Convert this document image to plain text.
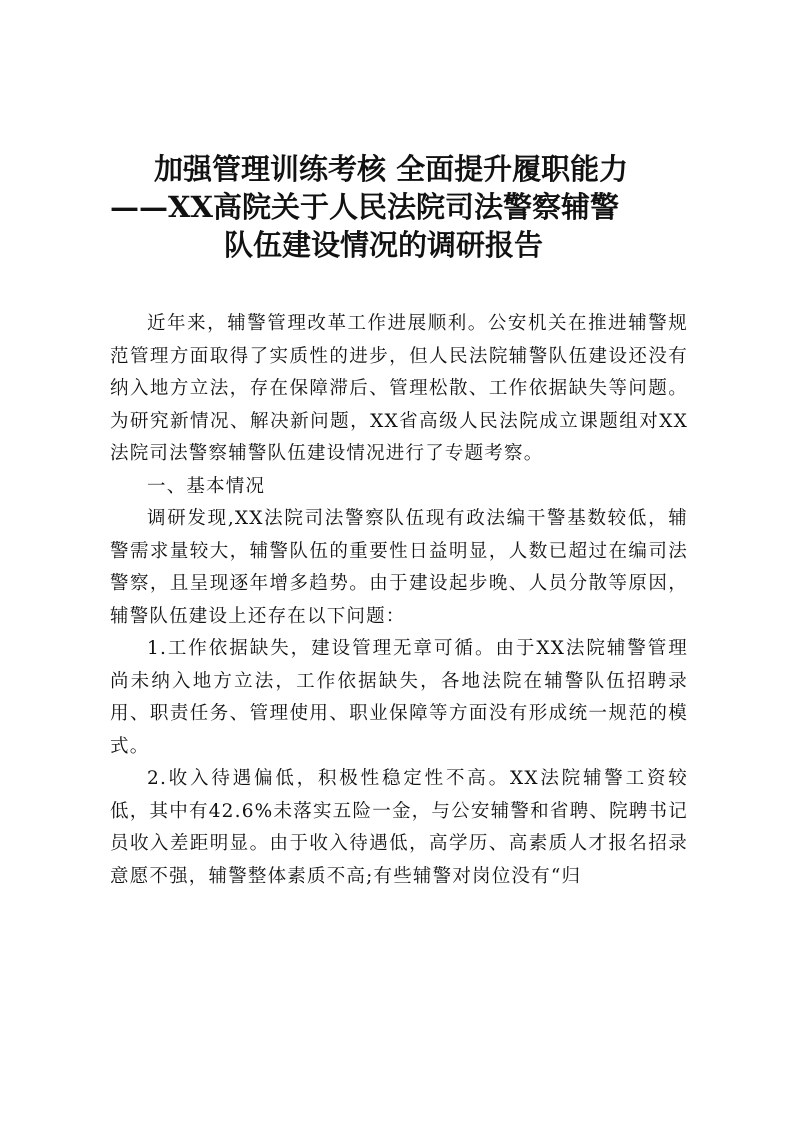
加强管理训练考核 全面提升履职能力
——XX高院关于人民法院司法警察辅警
队伍建设情况的调研报告

近年来，辅警管理改革工作进展顺利。公安机关在推进辅警规范管理方面取得了实质性的进步，但人民法院辅警队伍建设还没有纳入地方立法，存在保障滞后、管理松散、工作依据缺失等问题。为研究新情况、解决新问题，XX省高级人民法院成立课题组对XX法院司法警察辅警队伍建设情况进行了专题考察。

一、基本情况

调研发现,XX法院司法警察队伍现有政法编干警基数较低，辅警需求量较大，辅警队伍的重要性日益明显，人数已超过在编司法警察，且呈现逐年增多趋势。由于建设起步晚、人员分散等原因，辅警队伍建设上还存在以下问题：

1.工作依据缺失，建设管理无章可循。由于XX法院辅警管理尚未纳入地方立法，工作依据缺失，各地法院在辅警队伍招聘录用、职责任务、管理使用、职业保障等方面没有形成统一规范的模式。

2.收入待遇偏低，积极性稳定性不高。XX法院辅警工资较低，其中有42.6%未落实五险一金，与公安辅警和省聘、院聘书记员收入差距明显。由于收入待遇低，高学历、高素质人才报名招录意愿不强，辅警整体素质不高;有些辅警对岗位没有“归
